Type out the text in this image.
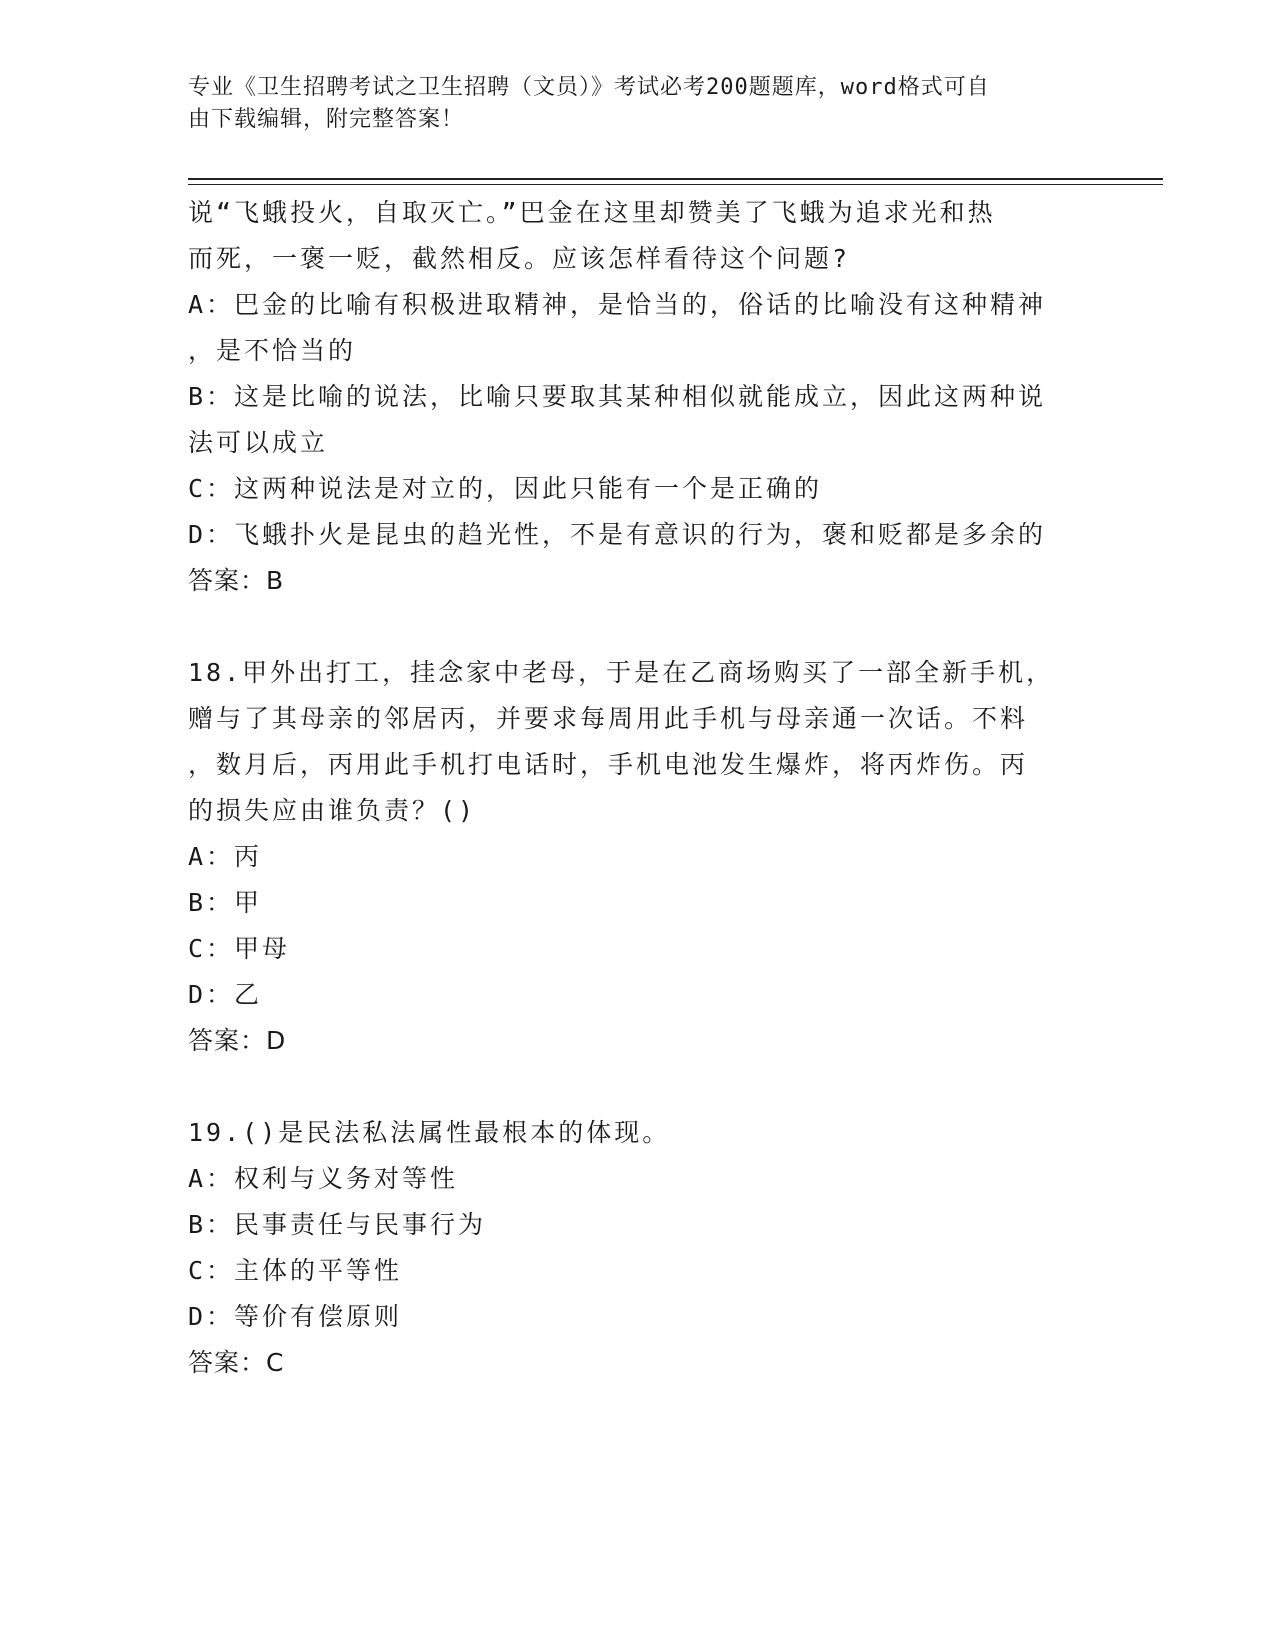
专业《卫生招聘考试之卫生招聘（文员）》考试必考200题题库，word格式可自
由下载编辑，附完整答案！
说“飞蛾投火，自取灭亡。”巴金在这里却赞美了飞蛾为追求光和热
而死，一褒一贬，截然相反。应该怎样看待这个问题?
A：巴金的比喻有积极进取精神，是恰当的，俗话的比喻没有这种精神
，是不恰当的
B：这是比喻的说法，比喻只要取其某种相似就能成立，因此这两种说
法可以成立
C：这两种说法是对立的，因此只能有一个是正确的
D：飞蛾扑火是昆虫的趋光性，不是有意识的行为，褒和贬都是多余的
答案：B
18.甲外出打工，挂念家中老母，于是在乙商场购买了一部全新手机，
赠与了其母亲的邻居丙，并要求每周用此手机与母亲通一次话。不料
，数月后，丙用此手机打电话时，手机电池发生爆炸，将丙炸伤。丙
的损失应由谁负责？()
A：丙
B：甲
C：甲母
D：乙
答案：D
19.()是民法私法属性最根本的体现。
A：权利与义务对等性
B：民事责任与民事行为
C：主体的平等性
D：等价有偿原则
答案：C
